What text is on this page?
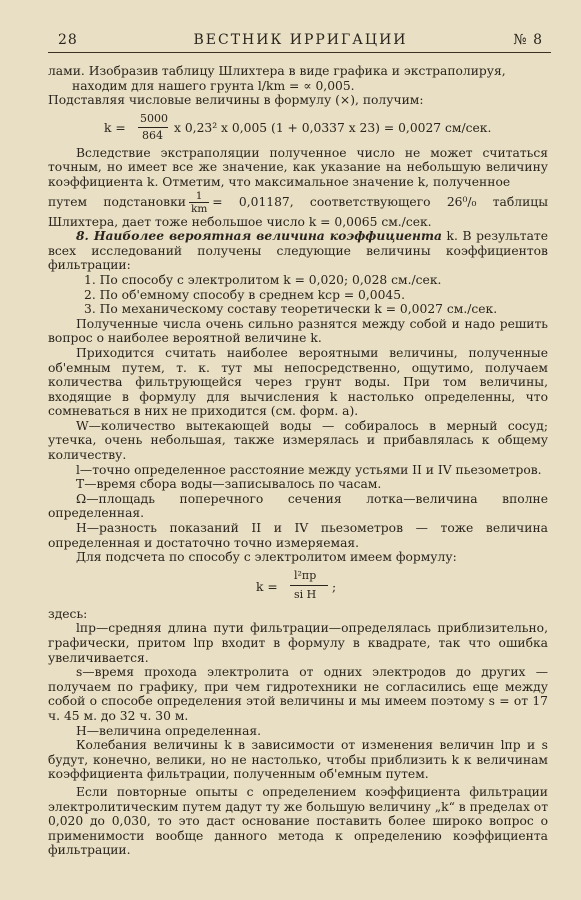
28	ВЕСТНИК ИРРИГАЦИИ	№ 8

лами. Изобразив таблицу Шлихтера в виде графика и экстраполируя,

находим для нашего грунта l/km = ∝ 0,005.

Подставляя числовые величины в формулу (×), получим:

k =
5000
864
x 0,23² x 0,005 (1 + 0,0337 x 23) = 0,0027 см/сек.

Вследствие экстраполяции полученное число не может считаться точным, но имеет все же значение, как указание на небольшую величину коэффициента k. Отметим, что максимальное значение k, полученное

путем подстановки $\frac{1}{km} = 0,01187$, соответствующего 26⁰/₀ таблицы Шлихтера, дает тоже небольшое число k = 0,0065 см./сек.

8. Наиболее вероятная величина коэффициента k. В результате всех исследований получены следующие величины коэффициентов фильтрации:

1. По способу с электролитом k = 0,020; 0,028 см./сек.

2. По об'емному способу в среднем kcp = 0,0045.

3. По механическому составу теоретически k = 0,0027 см./сек.

Полученные числа очень сильно разнятся между собой и надо решить вопрос о наиболее вероятной величине k.

Приходится считать наиболее вероятными величины, полученные об'емным путем, т. к. тут мы непосредственно, ощутимо, получаем количества фильтрующейся через грунт воды. При том величины, входящие в формулу для вычисления k настолько определенны, что сомневаться в них не приходится (см. форм. a).

W—количество вытекающей воды — собиралось в мерный сосуд; утечка, очень небольшая, также измерялась и прибавлялась к общему количеству.

l—точно определенное расстояние между устьями II и IV пьезометров.

T—время сбора воды—записывалось по часам.

Ω—площадь поперечного сечения лотка—величина вполне определенная.

H—разность показаний II и IV пьезометров — тоже величина определенная и достаточно точно измеряемая.

Для подсчета по способу с электролитом имеем формулу:

k =
l²пр
sі H
;

здесь:

lпр—средняя длина пути фильтрации—определялась приблизительно, графически, притом lпр входит в формулу в квадрате, так что ошибка увеличивается.

s—время прохода электролита от одних электродов до других — получаем по графику, при чем гидротехники не согласились еще между собой о способе определения этой величины и мы имеем поэтому s = от 17 ч. 45 м. до 32 ч. 30 м.

H—величина определенная.

Колебания величины k в зависимости от изменения величин lпр и s будут, конечно, велики, но не настолько, чтобы приблизить k к величинам коэффициента фильтрации, полученным об'емным путем.

Если повторные опыты с определением коэффициента фильтрации электролитическим путем дадут ту же большую величину „k“ в пределах от 0,020 до 0,030, то это даст основание поставить более широко вопрос о применимости вообще данного метода к определению коэффициента фильтрации.
